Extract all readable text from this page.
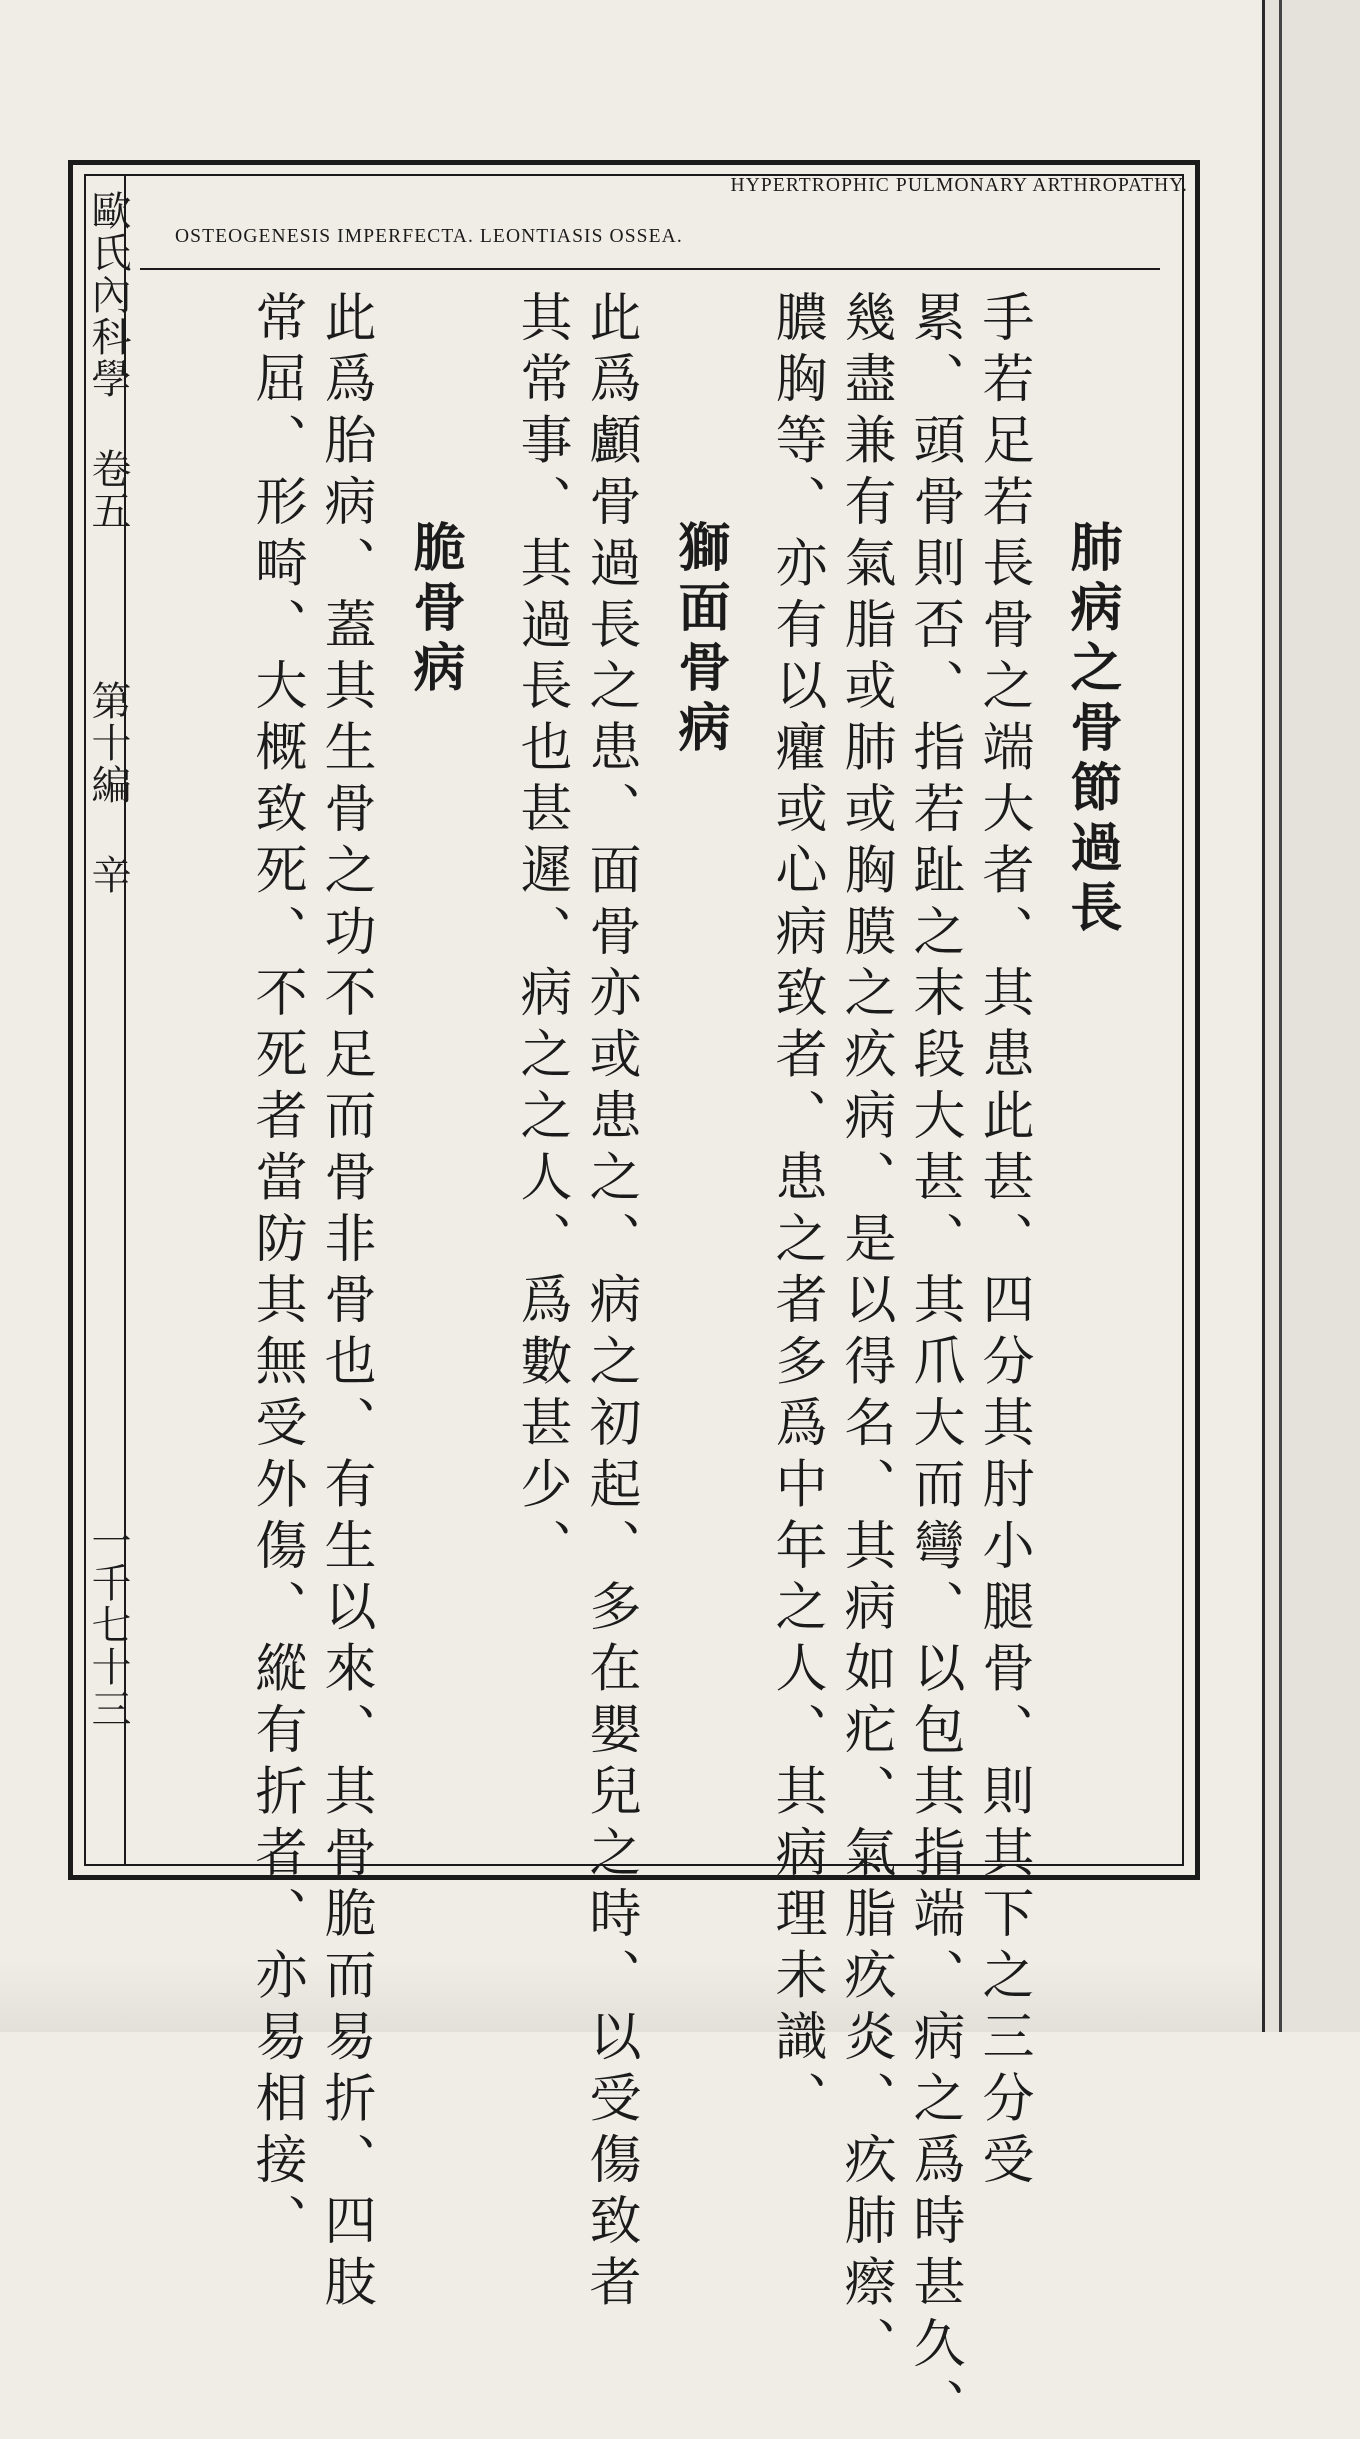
歐氏內科學 卷五
第十編 辛
一千七十三
HYPERTROPHIC PULMONARY ARTHROPATHY.
OSTEOGENESIS IMPERFECTA. LEONTIASIS OSSEA.
肺病之骨節過長
手若足若長骨之端大者、其患此甚、四分其肘小腿骨、則其下之三分受
累、頭骨則否、指若趾之末段大甚、其爪大而彎、以包其指端、病之爲時甚久、
幾盡兼有氣脂或肺或胸膜之疚病、是以得名、其病如疕、氣脂疚炎、疚肺瘵、
膿胸等、亦有以癯或心病致者、患之者多爲中年之人、其病理未識、
獅面骨病
此爲顱骨過長之患、面骨亦或患之、病之初起、多在嬰兒之時、以受傷致者
其常事、其過長也甚遲、病之之人、爲數甚少、
脆骨病
此爲胎病、蓋其生骨之功不足而骨非骨也、有生以來、其骨脆而易折、四肢
常屈、形畸、大概致死、不死者當防其無受外傷、縱有折者、亦易相接、
